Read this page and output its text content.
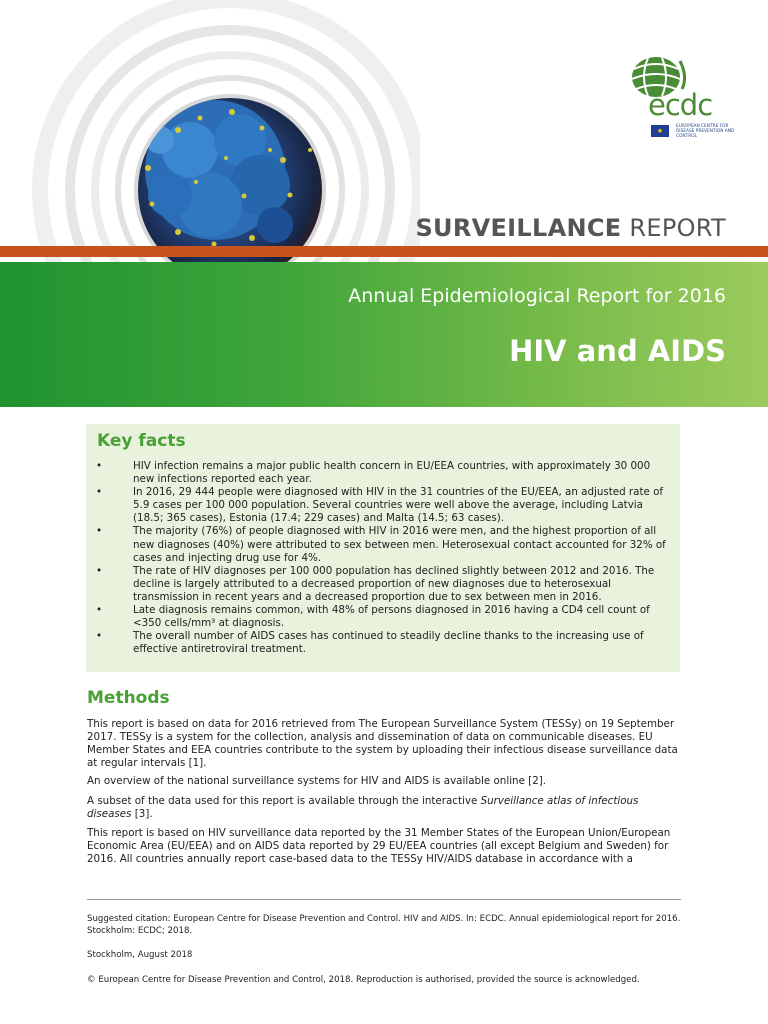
ecdc
★
EUROPEAN CENTRE FOR DISEASE PREVENTION AND CONTROL
SURVEILLANCE REPORT
Annual Epidemiological Report for 2016
HIV and AIDS
Key facts
•	HIV infection remains a major public health concern in EU/EEA countries, with approximately 30 000 new infections reported each year.
•	In 2016, 29 444 people were diagnosed with HIV in the 31 countries of the EU/EEA, an adjusted rate of 5.9 cases per 100 000 population. Several countries were well above the average, including Latvia (18.5; 365 cases), Estonia (17.4; 229 cases) and Malta (14.5; 63 cases).
•	The majority (76%) of people diagnosed with HIV in 2016 were men, and the highest proportion of all new diagnoses (40%) were attributed to sex between men. Heterosexual contact accounted for 32% of cases and injecting drug use for 4%.
•	The rate of HIV diagnoses per 100 000 population has declined slightly between 2012 and 2016. The decline is largely attributed to a decreased proportion of new diagnoses due to heterosexual transmission in recent years and a decreased proportion due to sex between men in 2016.
•	Late diagnosis remains common, with 48% of persons diagnosed in 2016 having a CD4 cell count of <350 cells/mm³ at diagnosis.
•	The overall number of AIDS cases has continued to steadily decline thanks to the increasing use of effective antiretroviral treatment.
Methods

This report is based on data for 2016 retrieved from The European Surveillance System (TESSy) on 19 September 2017. TESSy is a system for the collection, analysis and dissemination of data on communicable diseases. EU Member States and EEA countries contribute to the system by uploading their infectious disease surveillance data at regular intervals [1].

An overview of the national surveillance systems for HIV and AIDS is available online [2].

A subset of the data used for this report is available through the interactive Surveillance atlas of infectious diseases [3].

This report is based on HIV surveillance data reported by the 31 Member States of the European Union/European Economic Area (EU/EEA) and on AIDS data reported by 29 EU/EEA countries (all except Belgium and Sweden) for 2016. All countries annually report case-based data to the TESSy HIV/AIDS database in accordance with a

Suggested citation: European Centre for Disease Prevention and Control. HIV and AIDS. In: ECDC. Annual epidemiological report for 2016. Stockholm: ECDC; 2018.

Stockholm, August 2018

© European Centre for Disease Prevention and Control, 2018. Reproduction is authorised, provided the source is acknowledged.
